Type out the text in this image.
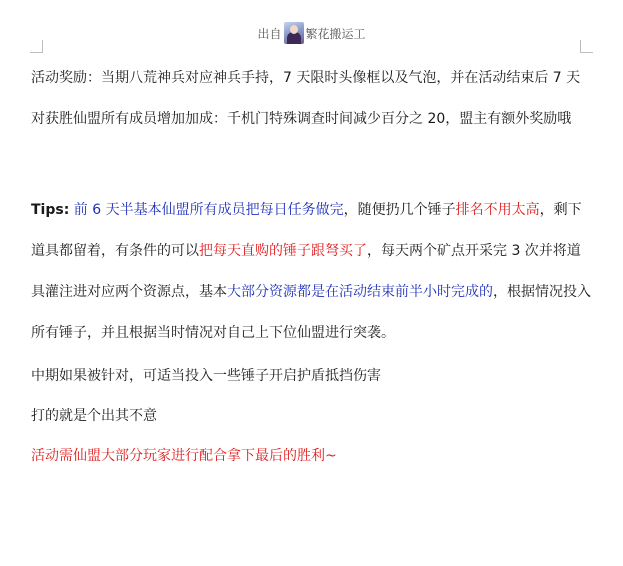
出自 繁花搬运工

活动奖励：当期八荒神兵对应神兵手持，7 天限时头像框以及气泡，并在活动结束后 7 天对获胜仙盟所有成员增加加成：千机门特殊调查时间减少百分之 20，盟主有额外奖励哦

Tips: 前 6 天半基本仙盟所有成员把每日任务做完，随便扔几个锤子排名不用太高，剩下道具都留着，有条件的可以把每天直购的锤子跟弩买了，每天两个矿点开采完 3 次并将道具灌注进对应两个资源点，基本大部分资源都是在活动结束前半小时完成的，根据情况投入所有锤子，并且根据当时情况对自己上下位仙盟进行突袭。

中期如果被针对，可适当投入一些锤子开启护盾抵挡伤害

打的就是个出其不意

活动需仙盟大部分玩家进行配合拿下最后的胜利~
